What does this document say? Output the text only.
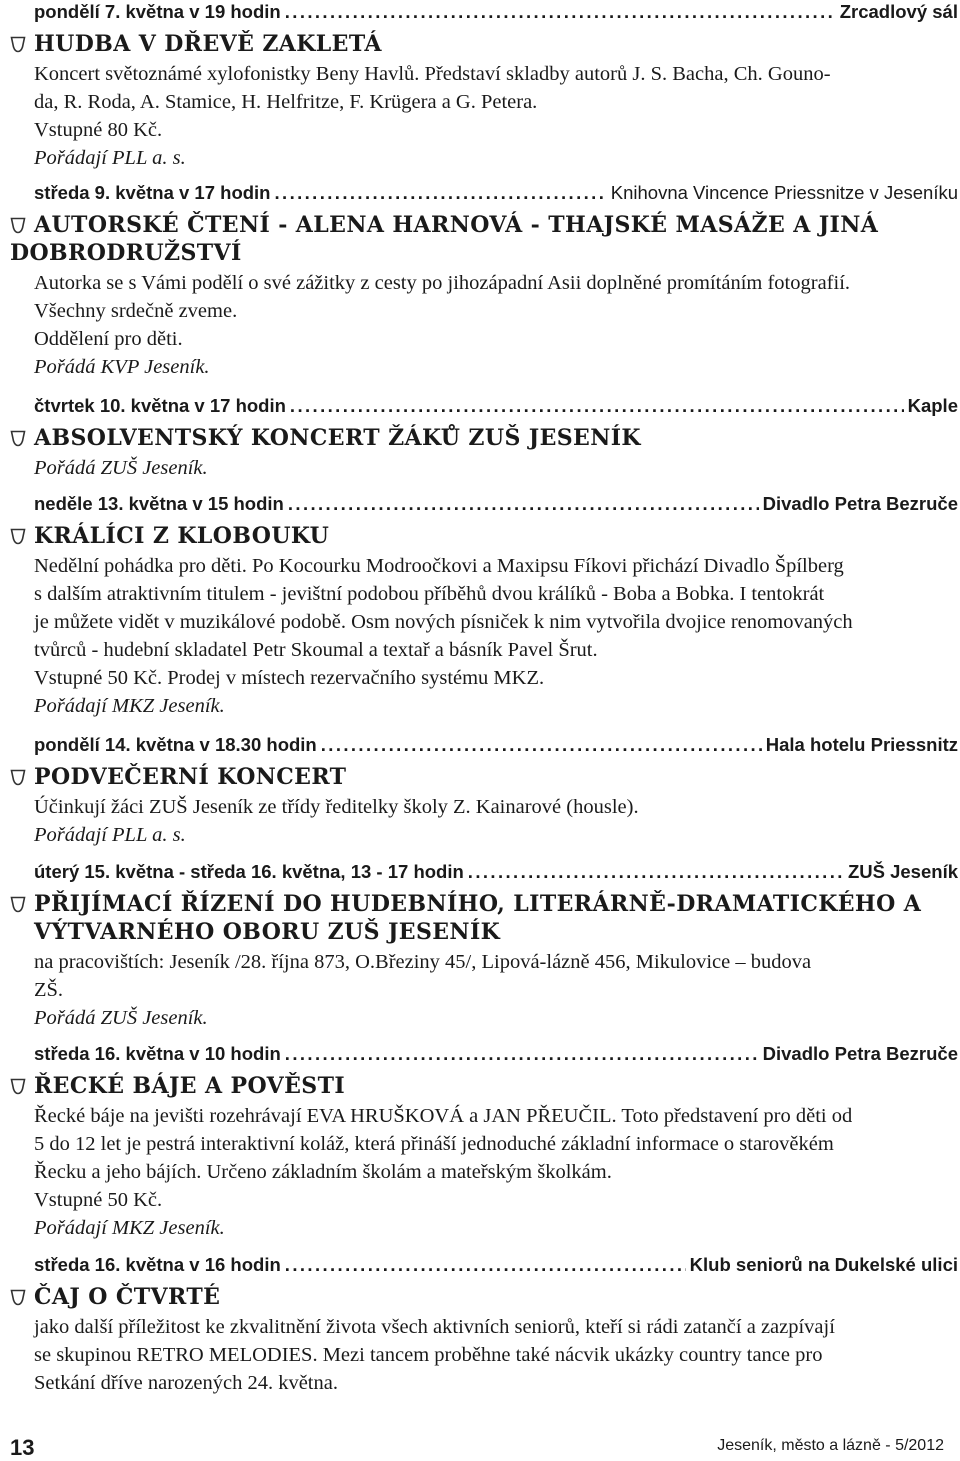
pondělí 7. května v 19 hodin .....	Zrcadlový sál
HUDBA V DŘEVĚ ZAKLETÁ

Koncert světoznámé xylofonistky Beny Havlů. Představí skladby autorů J. S. Bacha, Ch. Gouno-

da, R. Roda, A. Stamice, H. Helfritze, F. Krügera a G. Petera.

Vstupné 80 Kč.

Pořádají PLL a. s.

středa 9. května v 17 hodin .....	Knihovna Vincence Priessnitze v Jeseníku
AUTORSKÉ ČTENÍ - ALENA HARNOVÁ - THAJSKÉ MASÁŽE A JINÁ DOBRODRUŽSTVÍ

Autorka se s Vámi podělí o své zážitky z cesty po jihozápadní Asii doplněné promítáním fotografií.

Všechny srdečně zveme.

Oddělení pro děti.

Pořádá KVP Jeseník.

čtvrtek 10. května v 17 hodin .....	Kaple
ABSOLVENTSKÝ KONCERT ŽÁKŮ ZUŠ JESENÍK

Pořádá ZUŠ Jeseník.

neděle 13. května v 15 hodin .....	Divadlo Petra Bezruče
KRÁLÍCI Z KLOBOUKU

Nedělní pohádka pro děti. Po Kocourku Modroočkovi a Maxipsu Fíkovi přichází Divadlo Špílberg

s dalším atraktivním titulem - jevištní podobou příběhů dvou králíků - Boba a Bobka. I tentokrát

je můžete vidět v muzikálové podobě. Osm nových písniček k nim vytvořila dvojice renomovaných

tvůrců - hudební skladatel Petr Skoumal a textař a básník Pavel Šrut.

Vstupné 50 Kč. Prodej v místech rezervačního systému MKZ.

Pořádají MKZ Jeseník.

pondělí 14. května v 18.30 hodin .....	Hala hotelu Priessnitz
PODVEČERNÍ KONCERT

Účinkují žáci ZUŠ Jeseník ze třídy ředitelky školy Z. Kainarové (housle).

Pořádají PLL a. s.

úterý 15. května - středa 16. května, 13 - 17 hodin .....	ZUŠ Jeseník
PŘIJÍMACÍ ŘÍZENÍ DO HUDEBNÍHO, LITERÁRNĚ-DRAMATICKÉHO A VÝTVARNÉHO OBORU ZUŠ JESENÍK

na pracovištích: Jeseník /28. října 873, O.Březiny 45/, Lipová-lázně 456, Mikulovice – budova

ZŠ.

Pořádá ZUŠ Jeseník.

středa 16. května v 10 hodin .....	Divadlo Petra Bezruče
ŘECKÉ BÁJE A POVĚSTI

Řecké báje na jevišti rozehrávají EVA HRUŠKOVÁ a JAN PŘEUČIL. Toto představení pro děti od

5 do 12 let je pestrá interaktivní koláž, která přináší jednoduché základní informace o starověkém

Řecku a jeho bájích. Určeno základním školám a mateřským školkám.

Vstupné 50 Kč.

Pořádají MKZ Jeseník.

středa 16. května v 16 hodin .....	Klub seniorů na Dukelské ulici
ČAJ O ČTVRTÉ

jako další příležitost ke zkvalitnění života všech aktivních seniorů, kteří si rádi zatančí a zazpívají

se skupinou RETRO MELODIES. Mezi tancem proběhne také nácvik ukázky country tance pro

Setkání dříve narozených 24. května.

13	Jeseník, město a lázně - 5/2012
